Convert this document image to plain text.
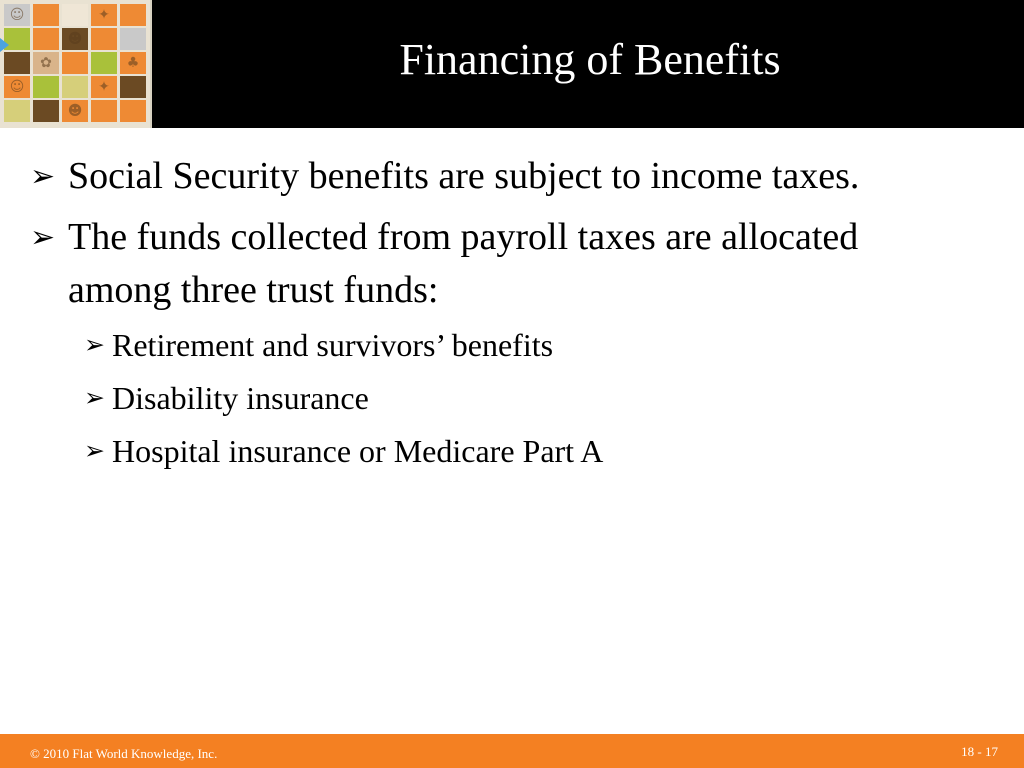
☺	✦
☻
✿	♣
☺	✦
☻
Financing of Benefits
➢ Social Security benefits are subject to income taxes.
➢ The funds collected from payroll taxes are allocated among three trust funds:
➢ Retirement and survivors’ benefits
➢ Disability insurance
➢ Hospital insurance or Medicare Part A
© 2010 Flat World Knowledge, Inc.	18 - 17
